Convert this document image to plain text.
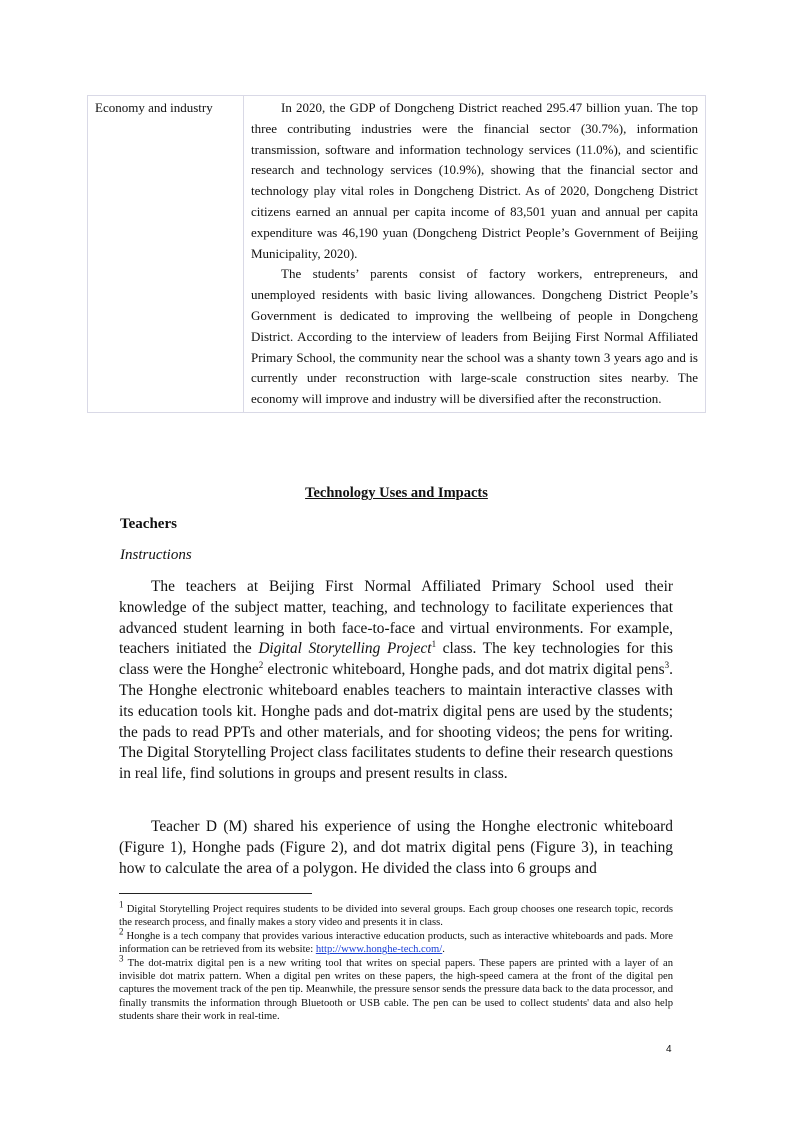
Economy and industry	In 2020, the GDP of Dongcheng District reached 295.47 billion yuan. The top three contributing industries were the financial sector (30.7%), information transmission, software and information technology services (11.0%), and scientific research and technology services (10.9%), showing that the financial sector and technology play vital roles in Dongcheng District. As of 2020, Dongcheng District citizens earned an annual per capita income of 83,501 yuan and annual per capita expenditure was 46,190 yuan (Dongcheng District People’s Government of Beijing Municipality, 2020).

The students’ parents consist of factory workers, entrepreneurs, and unemployed residents with basic living allowances. Dongcheng District People’s Government is dedicated to improving the wellbeing of people in Dongcheng District. According to the interview of leaders from Beijing First Normal Affiliated Primary School, the community near the school was a shanty town 3 years ago and is currently under reconstruction with large-scale construction sites nearby. The economy will improve and industry will be diversified after the reconstruction.

Technology Uses and Impacts
Teachers
Instructions

The teachers at Beijing First Normal Affiliated Primary School used their knowledge of the subject matter, teaching, and technology to facilitate experiences that advanced student learning in both face-to-face and virtual environments. For example, teachers initiated the Digital Storytelling Project$^1$ class. The key technologies for this class were the Honghe$^2$ electronic whiteboard, Honghe pads, and dot matrix digital pens$^3$. The Honghe electronic whiteboard enables teachers to maintain interactive classes with its education tools kit. Honghe pads and dot-matrix digital pens are used by the students; the pads to read PPTs and other materials, and for shooting videos; the pens for writing. The Digital Storytelling Project class facilitates students to define their research questions in real life, find solutions in groups and present results in class.

Teacher D (M) shared his experience of using the Honghe electronic whiteboard (Figure 1), Honghe pads (Figure 2), and dot matrix digital pens (Figure 3), in teaching how to calculate the area of a polygon. He divided the class into 6 groups and

$^1$ Digital Storytelling Project requires students to be divided into several groups. Each group chooses one research topic, records the research process, and finally makes a story video and presents it in class.

$^2$ Honghe is a tech company that provides various interactive education products, such as interactive whiteboards and pads. More information can be retrieved from its website: http://www.honghe-tech.com/.

$^3$ The dot-matrix digital pen is a new writing tool that writes on special papers. These papers are printed with a layer of an invisible dot matrix pattern. When a digital pen writes on these papers, the high-speed camera at the front of the digital pen captures the movement track of the pen tip. Meanwhile, the pressure sensor sends the pressure data back to the data processor, and finally transmits the information through Bluetooth or USB cable. The pen can be used to collect students' data and also help students share their work in real-time.

4
